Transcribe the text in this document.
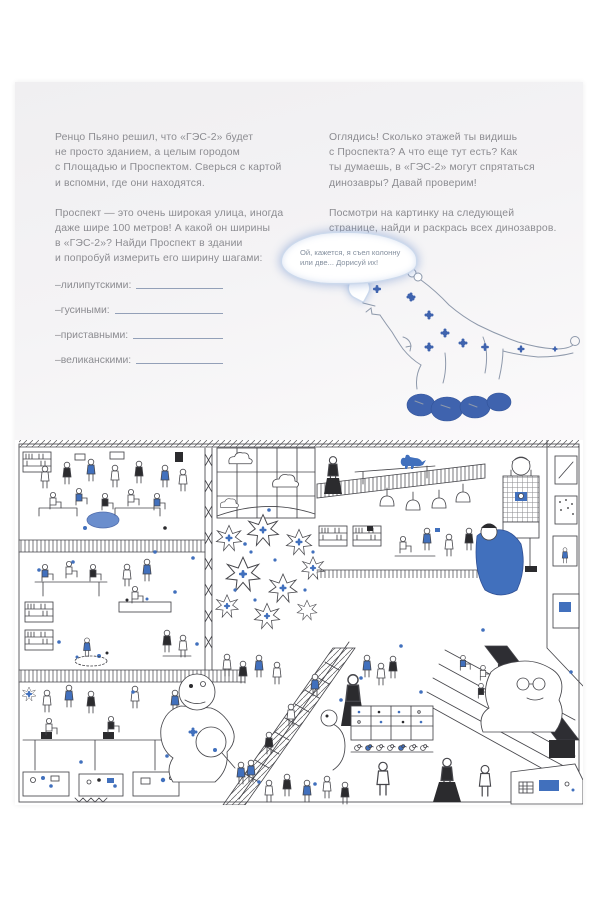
Ренцо Пьяно решил, что «ГЭС-2» будет
не просто зданием, а целым городом
с Площадью и Проспектом. Сверься с картой
и вспомни, где они находятся.
Проспект — это очень широкая улица, иногда
даже шире 100 метров! А какой он ширины
в «ГЭС-2»? Найди Проспект в здании
и попробуй измерить его ширину шагами:
–лилипутскими:
–гусиными:
–приставными:
–великанскими:
Оглядись! Сколько этажей ты видишь
с Проспекта? А что еще тут есть? Как
ты думаешь, в «ГЭС-2» могут спрятаться
динозавры? Давай проверим!
Посмотри на картинку на следующей
странице, найди и раскрась всех динозавров.
Ой, кажется, я съел колонну
или две... Дорисуй их!
